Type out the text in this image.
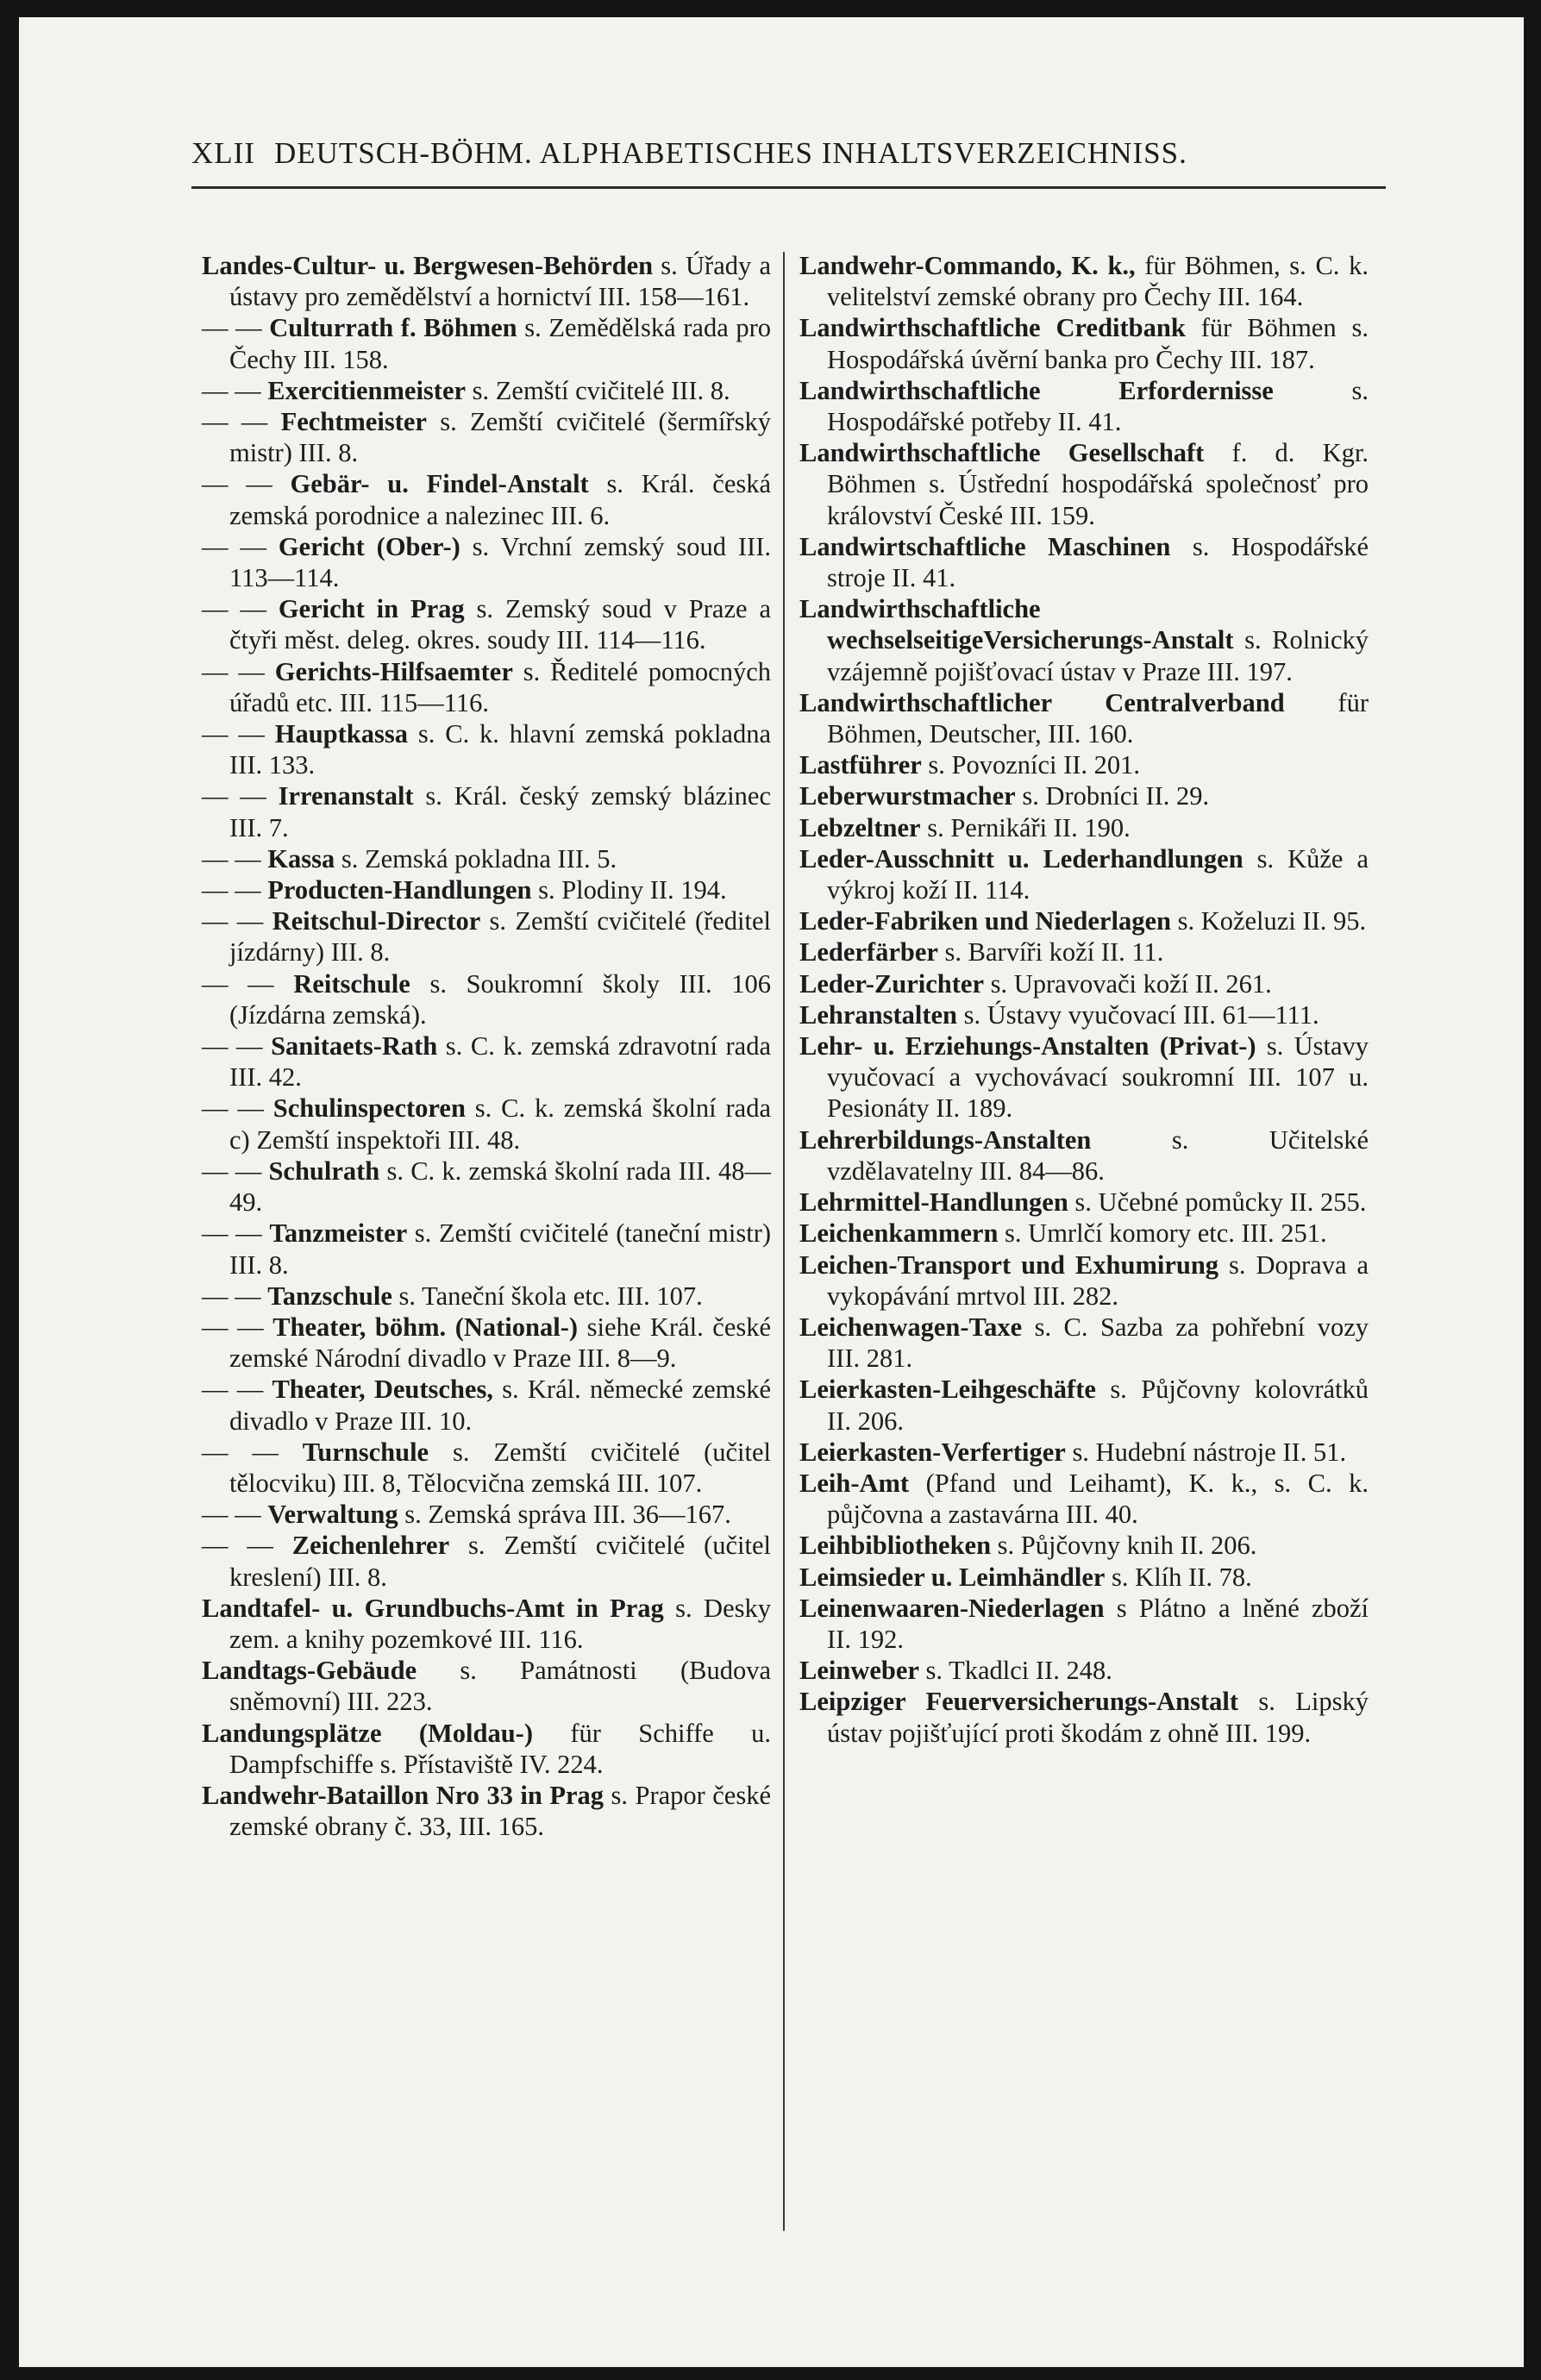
XLII DEUTSCH-BÖHM. ALPHABETISCHES INHALTSVERZEICHNISS.

Landes-Cultur- u. Bergwesen-Behörden s. Úřady a ústavy pro zemědělství a hornictví III. 158—161.

— — Culturrath f. Böhmen s. Zemědělská rada pro Čechy III. 158.

— — Exercitienmeister s. Zemští cvičitelé III. 8.

— — Fechtmeister s. Zemští cvičitelé (šermířský mistr) III. 8.

— — Gebär- u. Findel-Anstalt s. Král. česká zemská porodnice a nalezinec III. 6.

— — Gericht (Ober-) s. Vrchní zemský soud III. 113—114.

— — Gericht in Prag s. Zemský soud v Praze a čtyři měst. deleg. okres. soudy III. 114—116.

— — Gerichts-Hilfsaemter s. Ředitelé pomocných úřadů etc. III. 115—116.

— — Hauptkassa s. C. k. hlavní zemská pokladna III. 133.

— — Irrenanstalt s. Král. český zemský blázinec III. 7.

— — Kassa s. Zemská pokladna III. 5.

— — Producten-Handlungen s. Plodiny II. 194.

— — Reitschul-Director s. Zemští cvičitelé (ředitel jízdárny) III. 8.

— — Reitschule s. Soukromní školy III. 106 (Jízdárna zemská).

— — Sanitaets-Rath s. C. k. zemská zdravotní rada III. 42.

— — Schulinspectoren s. C. k. zemská školní rada c) Zemští inspektoři III. 48.

— — Schulrath s. C. k. zemská školní rada III. 48—49.

— — Tanzmeister s. Zemští cvičitelé (taneční mistr) III. 8.

— — Tanzschule s. Taneční škola etc. III. 107.

— — Theater, böhm. (National-) siehe Král. české zemské Národní divadlo v Praze III. 8—9.

— — Theater, Deutsches, s. Král. německé zemské divadlo v Praze III. 10.

— — Turnschule s. Zemští cvičitelé (učitel tělocviku) III. 8, Tělocvična zemská III. 107.

— — Verwaltung s. Zemská správa III. 36—167.

— — Zeichenlehrer s. Zemští cvičitelé (učitel kreslení) III. 8.

Landtafel- u. Grundbuchs-Amt in Prag s. Desky zem. a knihy pozemkové III. 116.

Landtags-Gebäude s. Památnosti (Budova sněmovní) III. 223.

Landungsplätze (Moldau-) für Schiffe u. Dampfschiffe s. Přístaviště IV. 224.

Landwehr-Bataillon Nro 33 in Prag s. Prapor české zemské obrany č. 33, III. 165.

Landwehr-Commando, K. k., für Böhmen, s. C. k. velitelství zemské obrany pro Čechy III. 164.

Landwirthschaftliche Creditbank für Böhmen s. Hospodářská úvěrní banka pro Čechy III. 187.

Landwirthschaftliche Erfordernisse s. Hospodářské potřeby II. 41.

Landwirthschaftliche Gesellschaft f. d. Kgr. Böhmen s. Ústřední hospodářská společnosť pro království České III. 159.

Landwirtschaftliche Maschinen s. Hospodářské stroje II. 41.

Landwirthschaftliche wechselseitigeVersicherungs-Anstalt s. Rolnický vzájemně pojišťovací ústav v Praze III. 197.

Landwirthschaftlicher Centralverband für Böhmen, Deutscher, III. 160.

Lastführer s. Povozníci II. 201.

Leberwurstmacher s. Drobníci II. 29.

Lebzeltner s. Pernikáři II. 190.

Leder-Ausschnitt u. Lederhandlungen s. Kůže a výkroj koží II. 114.

Leder-Fabriken und Niederlagen s. Koželuzi II. 95.

Lederfärber s. Barvíři koží II. 11.

Leder-Zurichter s. Upravovači koží II. 261.

Lehranstalten s. Ústavy vyučovací III. 61—111.

Lehr- u. Erziehungs-Anstalten (Privat-) s. Ústavy vyučovací a vychovávací soukromní III. 107 u. Pesionáty II. 189.

Lehrerbildungs-Anstalten s. Učitelské vzdělavatelny III. 84—86.

Lehrmittel-Handlungen s. Učebné pomůcky II. 255.

Leichenkammern s. Umrlčí komory etc. III. 251.

Leichen-Transport und Exhumirung s. Doprava a vykopávání mrtvol III. 282.

Leichenwagen-Taxe s. C. Sazba za pohřební vozy III. 281.

Leierkasten-Leihgeschäfte s. Půjčovny kolovrátků II. 206.

Leierkasten-Verfertiger s. Hudební nástroje II. 51.

Leih-Amt (Pfand und Leihamt), K. k., s. C. k. půjčovna a zastavárna III. 40.

Leihbibliotheken s. Půjčovny knih II. 206.

Leimsieder u. Leimhändler s. Klíh II. 78.

Leinenwaaren-Niederlagen s Plátno a lněné zboží II. 192.

Leinweber s. Tkadlci II. 248.

Leipziger Feuerversicherungs-Anstalt s. Lipský ústav pojišťující proti škodám z ohně III. 199.
